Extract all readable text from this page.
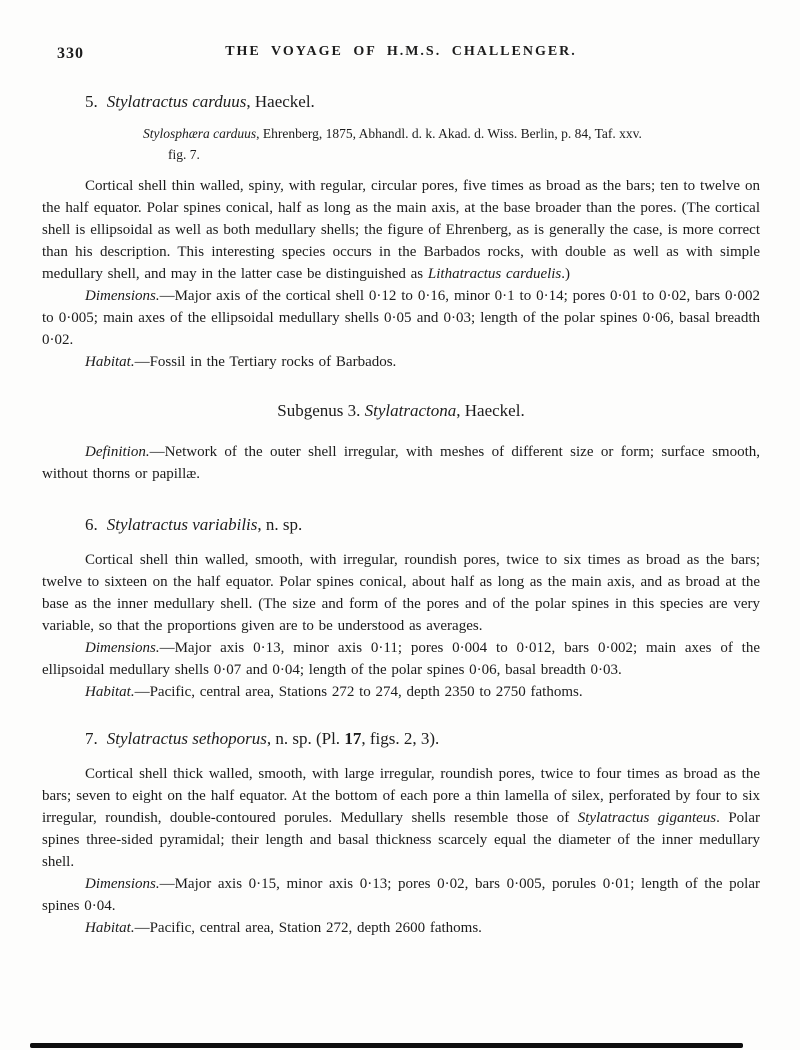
330	THE VOYAGE OF H.M.S. CHALLENGER.
5. Stylatractus carduus, Haeckel.
Stylosphæra carduus, Ehrenberg, 1875, Abhandl. d. k. Akad. d. Wiss. Berlin, p. 84, Taf. xxv.
fig. 7.

Cortical shell thin walled, spiny, with regular, circular pores, five times as broad as the bars; ten to twelve on the half equator. Polar spines conical, half as long as the main axis, at the base broader than the pores. (The cortical shell is ellipsoidal as well as both medullary shells; the figure of Ehrenberg, as is generally the case, is more correct than his description. This interesting species occurs in the Barbados rocks, with double as well as with simple medullary shell, and may in the latter case be distinguished as Lithatractus carduelis.)

Dimensions.—Major axis of the cortical shell 0·12 to 0·16, minor 0·1 to 0·14; pores 0·01 to 0·02, bars 0·002 to 0·005; main axes of the ellipsoidal medullary shells 0·05 and 0·03; length of the polar spines 0·06, basal breadth 0·02.

Habitat.—Fossil in the Tertiary rocks of Barbados.

Subgenus 3. Stylatractona, Haeckel.

Definition.—Network of the outer shell irregular, with meshes of different size or form; surface smooth, without thorns or papillæ.

6. Stylatractus variabilis, n. sp.

Cortical shell thin walled, smooth, with irregular, roundish pores, twice to six times as broad as the bars; twelve to sixteen on the half equator. Polar spines conical, about half as long as the main axis, and as broad at the base as the inner medullary shell. (The size and form of the pores and of the polar spines in this species are very variable, so that the proportions given are to be understood as averages.

Dimensions.—Major axis 0·13, minor axis 0·11; pores 0·004 to 0·012, bars 0·002; main axes of the ellipsoidal medullary shells 0·07 and 0·04; length of the polar spines 0·06, basal breadth 0·03.

Habitat.—Pacific, central area, Stations 272 to 274, depth 2350 to 2750 fathoms.

7. Stylatractus sethoporus, n. sp. (Pl. 17, figs. 2, 3).

Cortical shell thick walled, smooth, with large irregular, roundish pores, twice to four times as broad as the bars; seven to eight on the half equator. At the bottom of each pore a thin lamella of silex, perforated by four to six irregular, roundish, double-contoured porules. Medullary shells resemble those of Stylatractus giganteus. Polar spines three-sided pyramidal; their length and basal thickness scarcely equal the diameter of the inner medullary shell.

Dimensions.—Major axis 0·15, minor axis 0·13; pores 0·02, bars 0·005, porules 0·01; length of the polar spines 0·04.

Habitat.—Pacific, central area, Station 272, depth 2600 fathoms.
